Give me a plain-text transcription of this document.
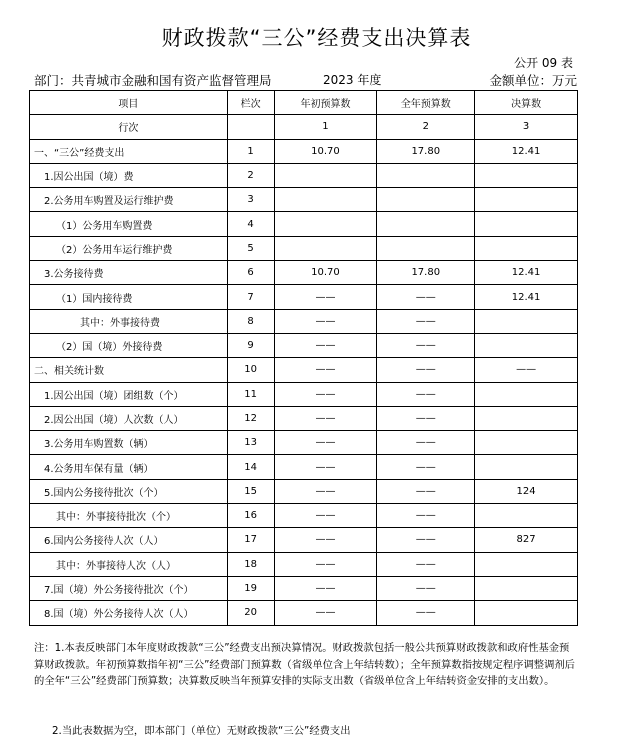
财政拨款“三公”经费支出决算表
公开 09 表
部门：共青城市金融和国有资产监督管理局	2023 年度	金额单位：万元
项目	栏次	年初预算数	全年预算数	决算数
行次		1	2	3
一、“三公”经费支出	1	10.70	17.80	12.41
1.因公出国（境）费	2			
2.公务用车购置及运行维护费	3			
（1）公务用车购置费	4			
（2）公务用车运行维护费	5			
3.公务接待费	6	10.70	17.80	12.41
（1）国内接待费	7	——	——	12.41
其中：外事接待费	8	——	——	
（2）国（境）外接待费	9	——	——	
二、相关统计数	10	——	——	——
1.因公出国（境）团组数（个）	11	——	——	
2.因公出国（境）人次数（人）	12	——	——	
3.公务用车购置数（辆）	13	——	——	
4.公务用车保有量（辆）	14	——	——	
5.国内公务接待批次（个）	15	——	——	124
其中：外事接待批次（个）	16	——	——	
6.国内公务接待人次（人）	17	——	——	827
其中：外事接待人次（人）	18	——	——	
7.国（境）外公务接待批次（个）	19	——	——	
8.国（境）外公务接待人次（人）	20	——	——	
注：1.本表反映部门本年度财政拨款“三公”经费支出预决算情况。财政拨款包括一般公共预算财政拨款和政府性基金预算财政拨款。年初预算数指年初“三公”经费部门预算数（省级单位含上年结转数）；全年预算数指按规定程序调整调剂后的全年“三公”经费部门预算数；决算数反映当年预算安排的实际支出数（省级单位含上年结转资金安排的支出数）。
2.当此表数据为空，即本部门（单位）无财政拨款“三公”经费支出
